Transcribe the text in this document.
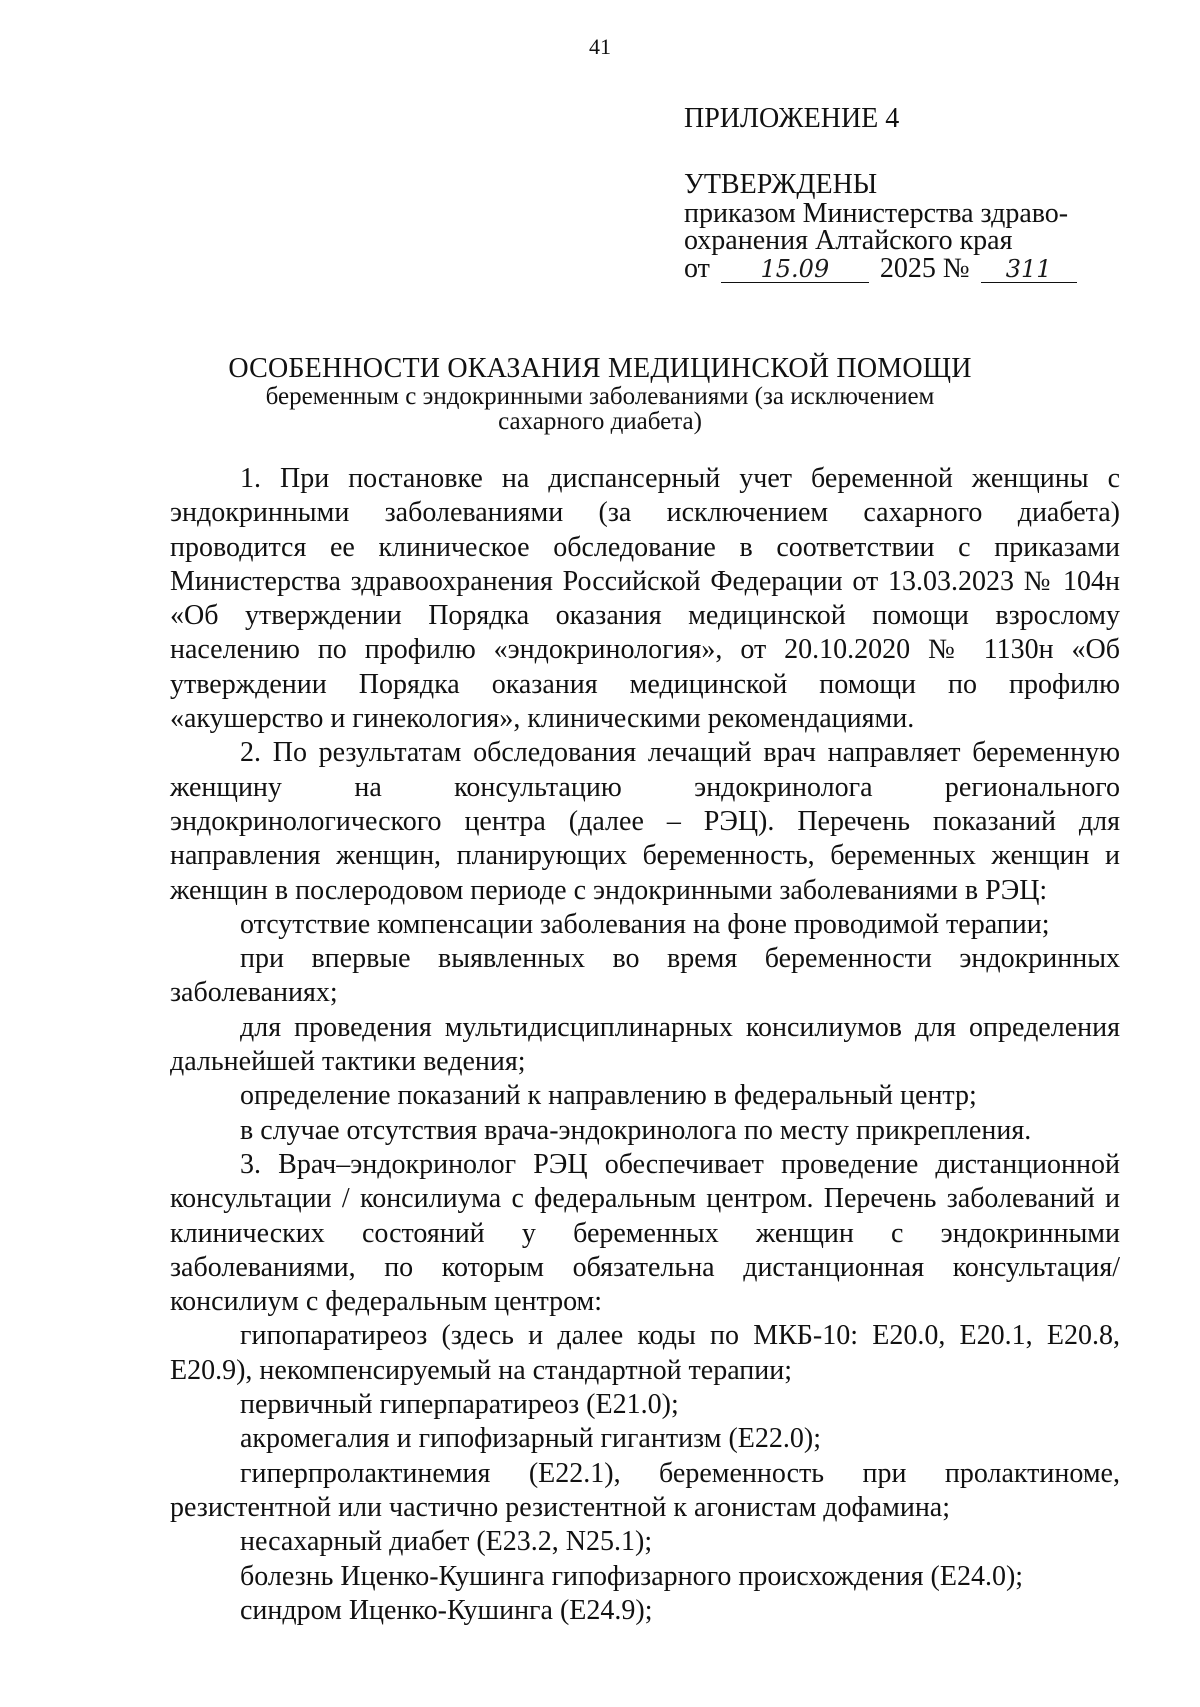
41
ПРИЛОЖЕНИЕ 4
УТВЕРЖДЕНЫ
приказом Министерства здраво-
охранения Алтайского края
от 15.09 2025 № 311
ОСОБЕННОСТИ ОКАЗАНИЯ МЕДИЦИНСКОЙ ПОМОЩИ
беременным с эндокринными заболеваниями (за исключением
сахарного диабета)

1. При постановке на диспансерный учет беременной женщины с эндокринными заболеваниями (за исключением сахарного диабета) проводится ее клиническое обследование в соответствии с приказами Министерства здравоохранения Российской Федерации от 13.03.2023 № 104н «Об утверждении Порядка оказания медицинской помощи взрослому населению по профилю «эндокринология», от 20.10.2020 № 1130н «Об утверждении Порядка оказания медицинской помощи по профилю «акушерство и гинекология», клиническими рекомендациями.

2. По результатам обследования лечащий врач направляет беременную женщину на консультацию эндокринолога регионального эндокринологического центра (далее – РЭЦ). Перечень показаний для направления женщин, планирующих беременность, беременных женщин и женщин в послеродовом периоде с эндокринными заболеваниями в РЭЦ:

отсутствие компенсации заболевания на фоне проводимой терапии;

при впервые выявленных во время беременности эндокринных заболеваниях;

для проведения мультидисциплинарных консилиумов для определения дальнейшей тактики ведения;

определение показаний к направлению в федеральный центр;

в случае отсутствия врача-эндокринолога по месту прикрепления.

3. Врач–эндокринолог РЭЦ обеспечивает проведение дистанционной консультации / консилиума с федеральным центром. Перечень заболеваний и клинических состояний у беременных женщин с эндокринными заболеваниями, по которым обязательна дистанционная консультация/консилиум с федеральным центром:

гипопаратиреоз (здесь и далее коды по МКБ-10: E20.0, E20.1, E20.8, E20.9), некомпенсируемый на стандартной терапии;

первичный гиперпаратиреоз (E21.0);

акромегалия и гипофизарный гигантизм (E22.0);

гиперпролактинемия (E22.1), беременность при пролактиноме, резистентной или частично резистентной к агонистам дофамина;

несахарный диабет (E23.2, N25.1);

болезнь Иценко-Кушинга гипофизарного происхождения (E24.0);

синдром Иценко-Кушинга (E24.9);
